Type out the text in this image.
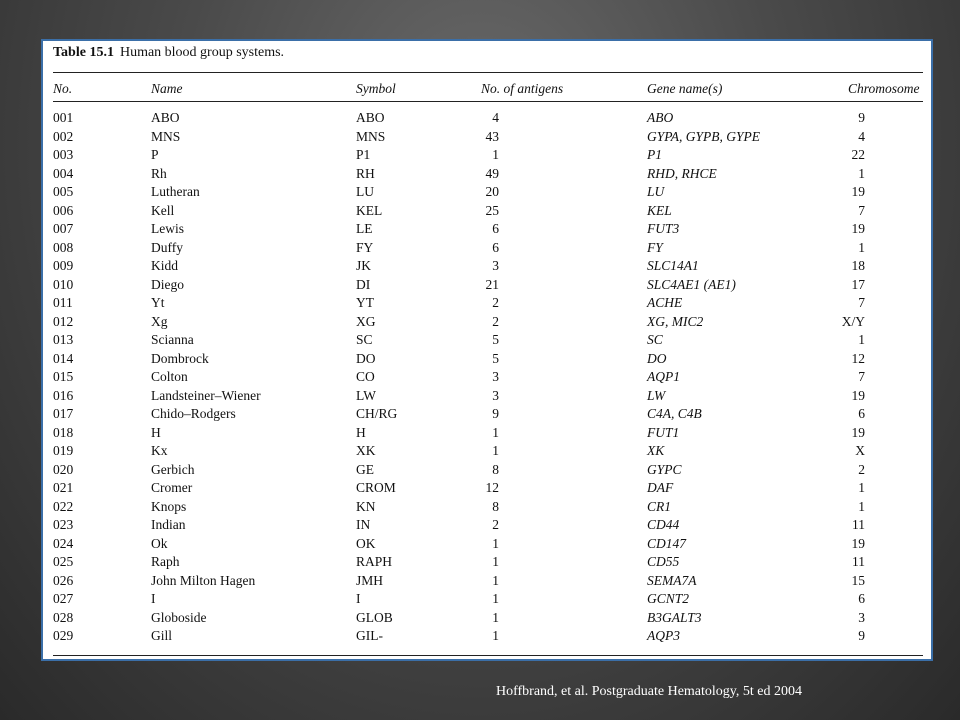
Table 15.1 Human blood group systems.
No.	Name	Symbol	No. of antigens	Gene name(s)	Chromosome
001	ABO	ABO	4	ABO	9
002	MNS	MNS	43	GYPA, GYPB, GYPE	4
003	P	P1	1	P1	22
004	Rh	RH	49	RHD, RHCE	1
005	Lutheran	LU	20	LU	19
006	Kell	KEL	25	KEL	7
007	Lewis	LE	6	FUT3	19
008	Duffy	FY	6	FY	1
009	Kidd	JK	3	SLC14A1	18
010	Diego	DI	21	SLC4AE1 (AE1)	17
011	Yt	YT	2	ACHE	7
012	Xg	XG	2	XG, MIC2	X/Y
013	Scianna	SC	5	SC	1
014	Dombrock	DO	5	DO	12
015	Colton	CO	3	AQP1	7
016	Landsteiner–Wiener	LW	3	LW	19
017	Chido–Rodgers	CH/RG	9	C4A, C4B	6
018	H	H	1	FUT1	19
019	Kx	XK	1	XK	X
020	Gerbich	GE	8	GYPC	2
021	Cromer	CROM	12	DAF	1
022	Knops	KN	8	CR1	1
023	Indian	IN	2	CD44	11
024	Ok	OK	1	CD147	19
025	Raph	RAPH	1	CD55	11
026	John Milton Hagen	JMH	1	SEMA7A	15
027	I	I	1	GCNT2	6
028	Globoside	GLOB	1	B3GALT3	3
029	Gill	GIL-	1	AQP3	9
Hoffbrand, et al. Postgraduate Hematology, 5t ed 2004
